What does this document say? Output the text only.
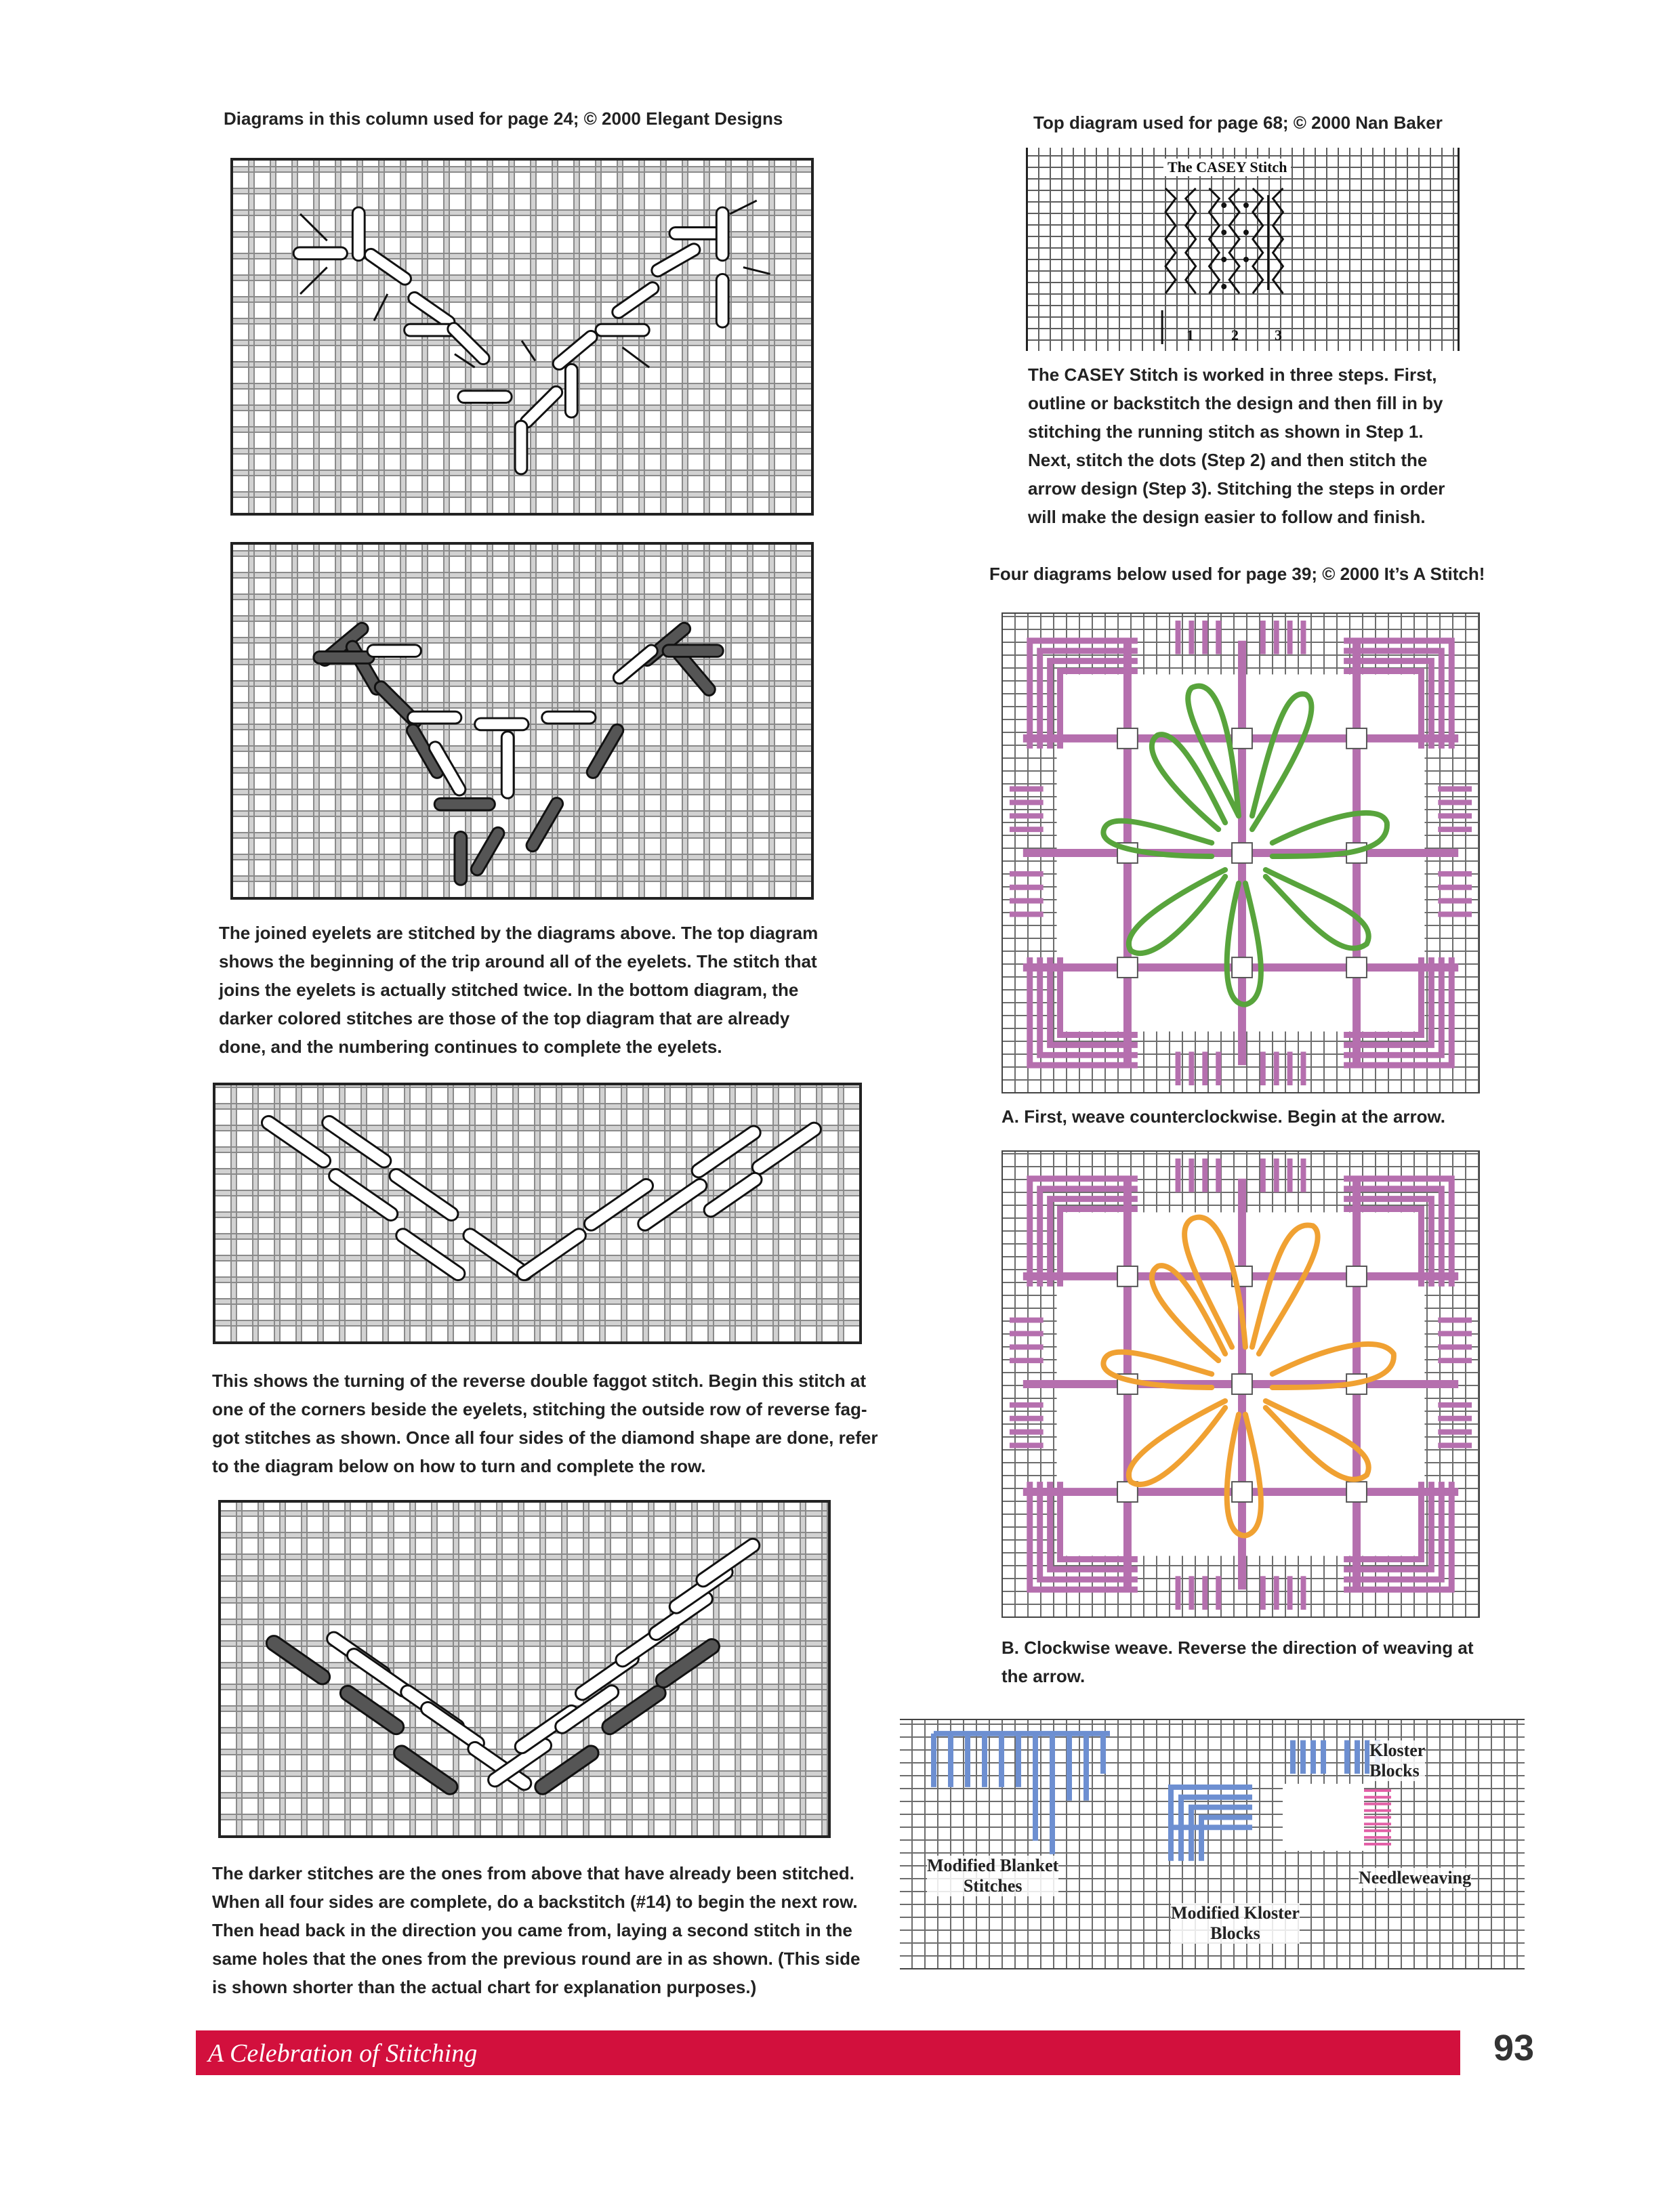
Diagrams in this column used for page 24; © 2000 Elegant Designs	Top diagram used for page 68; © 2000 Nan Baker
Four diagrams below used for page 39; © 2000 It’s A Stitch!
The joined eyelets are stitched by the diagrams above. The top diagram
shows the beginning of the trip around all of the eyelets. The stitch that
joins the eyelets is actually stitched twice. In the bottom diagram, the
darker colored stitches are those of the top diagram that are already
done, and the numbering continues to complete the eyelets.
This shows the turning of the reverse double faggot stitch. Begin this stitch at
one of the corners beside the eyelets, stitching the outside row of reverse fag-
got stitches as shown. Once all four sides of the diamond shape are done, refer
to the diagram below on how to turn and complete the row.
The darker stitches are the ones from above that have already been stitched.
When all four sides are complete, do a backstitch (#14) to begin the next row.
Then head back in the direction you came from, laying a second stitch in the
same holes that the ones from the previous round are in as shown. (This side
is shown shorter than the actual chart for explanation purposes.)
The CASEY Stitch
1	2 3
The CASEY Stitch is worked in three steps. First,
outline or backstitch the design and then fill in by
stitching the running stitch as shown in Step 1.
Next, stitch the dots (Step 2) and then stitch the
arrow design (Step 3). Stitching the steps in order
will make the design easier to follow and finish.
A. First, weave counterclockwise. Begin at the arrow.
B. Clockwise weave. Reverse the direction of weaving at
the arrow.
Kloster
Blocks
Modified Blanket
Stitches	Needleweaving
Modified Kloster
Blocks
A Celebration of Stitching	93
